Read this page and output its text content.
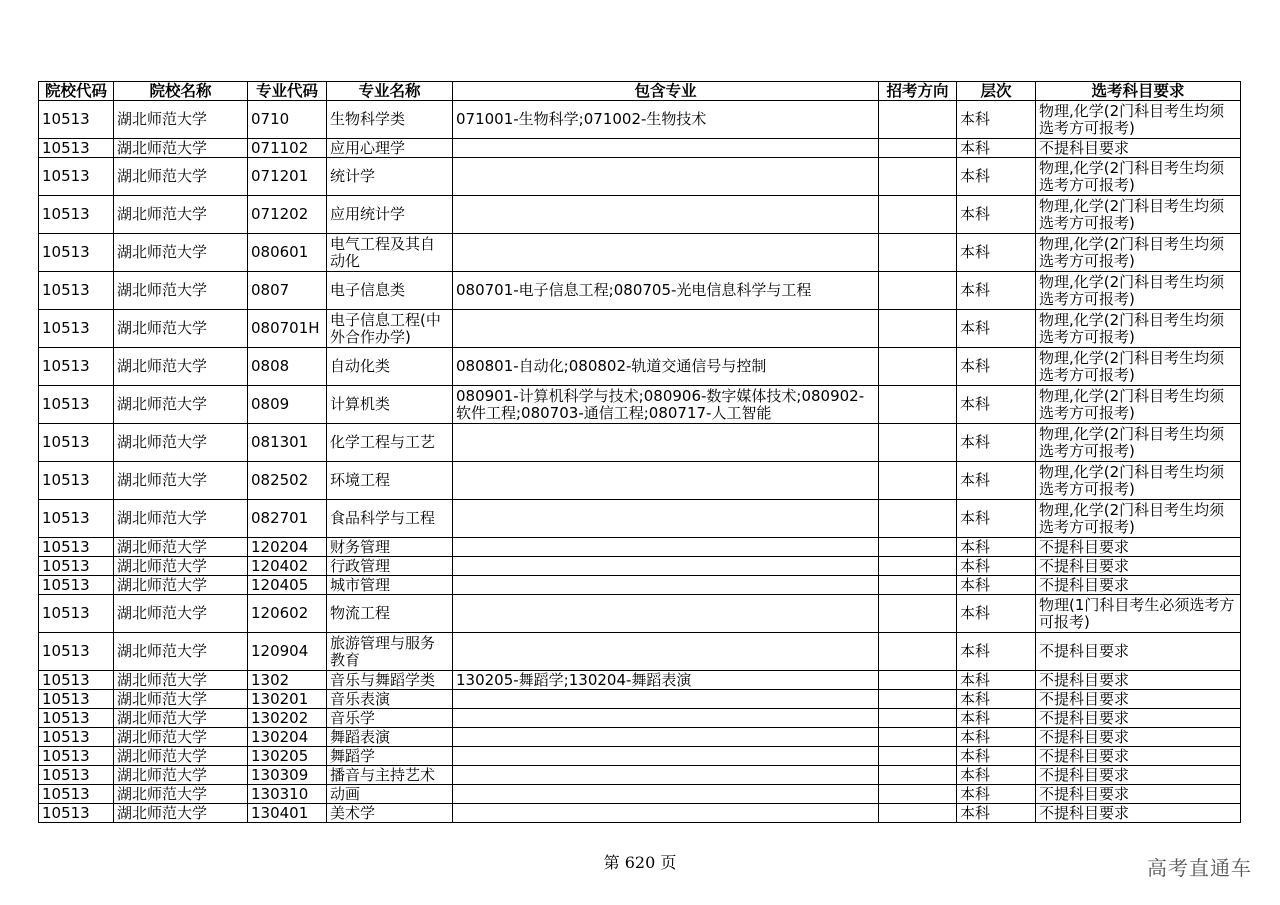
院校代码	院校名称	专业代码	专业名称	包含专业	招考方向	层次	选考科目要求
10513	湖北师范大学	0710	生物科学类	071001-生物科学;071002-生物技术		本科	物理,化学(2门科目考生均须选考方可报考)
10513	湖北师范大学	071102	应用心理学			本科	不提科目要求
10513	湖北师范大学	071201	统计学			本科	物理,化学(2门科目考生均须选考方可报考)
10513	湖北师范大学	071202	应用统计学			本科	物理,化学(2门科目考生均须选考方可报考)
10513	湖北师范大学	080601	电气工程及其自动化			本科	物理,化学(2门科目考生均须选考方可报考)
10513	湖北师范大学	0807	电子信息类	080701-电子信息工程;080705-光电信息科学与工程		本科	物理,化学(2门科目考生均须选考方可报考)
10513	湖北师范大学	080701H	电子信息工程(中外合作办学)			本科	物理,化学(2门科目考生均须选考方可报考)
10513	湖北师范大学	0808	自动化类	080801-自动化;080802-轨道交通信号与控制		本科	物理,化学(2门科目考生均须选考方可报考)
10513	湖北师范大学	0809	计算机类	080901-计算机科学与技术;080906-数字媒体技术;080902-软件工程;080703-通信工程;080717-人工智能		本科	物理,化学(2门科目考生均须选考方可报考)
10513	湖北师范大学	081301	化学工程与工艺			本科	物理,化学(2门科目考生均须选考方可报考)
10513	湖北师范大学	082502	环境工程			本科	物理,化学(2门科目考生均须选考方可报考)
10513	湖北师范大学	082701	食品科学与工程			本科	物理,化学(2门科目考生均须选考方可报考)
10513	湖北师范大学	120204	财务管理			本科	不提科目要求
10513	湖北师范大学	120402	行政管理			本科	不提科目要求
10513	湖北师范大学	120405	城市管理			本科	不提科目要求
10513	湖北师范大学	120602	物流工程			本科	物理(1门科目考生必须选考方可报考)
10513	湖北师范大学	120904	旅游管理与服务教育			本科	不提科目要求
10513	湖北师范大学	1302	音乐与舞蹈学类	130205-舞蹈学;130204-舞蹈表演		本科	不提科目要求
10513	湖北师范大学	130201	音乐表演			本科	不提科目要求
10513	湖北师范大学	130202	音乐学			本科	不提科目要求
10513	湖北师范大学	130204	舞蹈表演			本科	不提科目要求
10513	湖北师范大学	130205	舞蹈学			本科	不提科目要求
10513	湖北师范大学	130309	播音与主持艺术			本科	不提科目要求
10513	湖北师范大学	130310	动画			本科	不提科目要求
10513	湖北师范大学	130401	美术学			本科	不提科目要求
第 620 页	高考直通车
